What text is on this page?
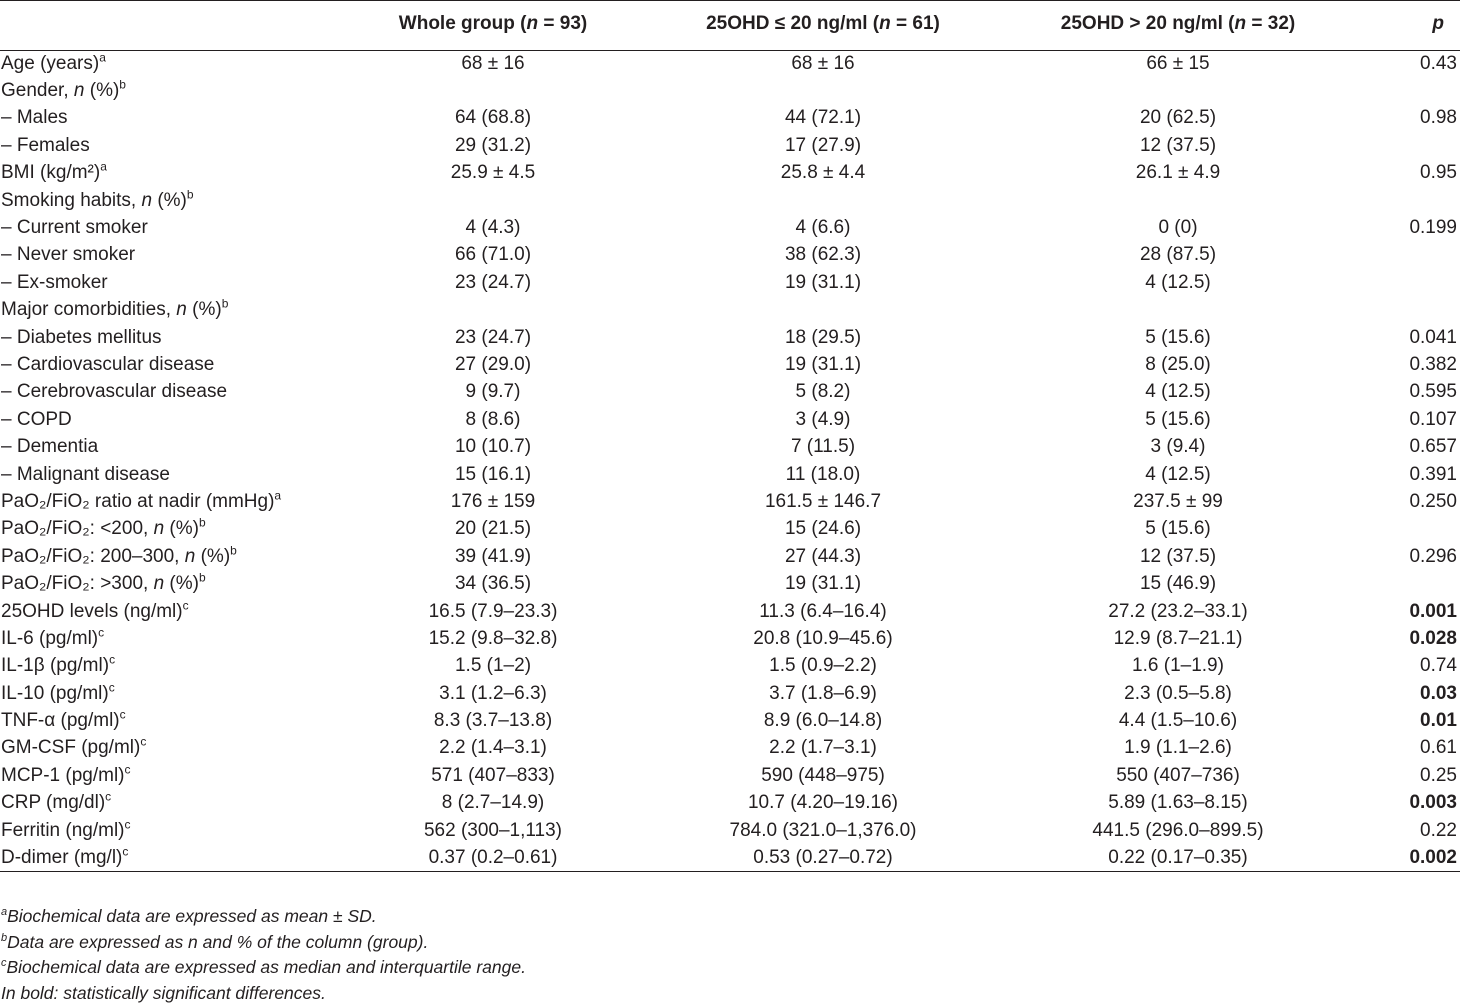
	Whole group (n = 93)	25OHD ≤ 20 ng/ml (n = 61)	25OHD > 20 ng/ml (n = 32)	p
Age (years)$^a$	68 ± 16	68 ± 16	66 ± 15	0.43
Gender, n (%)$^b$				
– Males	64 (68.8)	44 (72.1)	20 (62.5)	0.98
– Females	29 (31.2)	17 (27.9)	12 (37.5)	
BMI $(kg/m^2)^a$	25.9 ± 4.5	25.8 ± 4.4	26.1 ± 4.9	0.95
Smoking habits, n (%)$^b$				
– Current smoker	4 (4.3)	4 (6.6)	0 (0)	0.199
– Never smoker	66 (71.0)	38 (62.3)	28 (87.5)	
– Ex-smoker	23 (24.7)	19 (31.1)	4 (12.5)	
Major comorbidities, n (%)$^b$				
– Diabetes mellitus	23 (24.7)	18 (29.5)	5 (15.6)	0.041
– Cardiovascular disease	27 (29.0)	19 (31.1)	8 (25.0)	0.382
– Cerebrovascular disease	9 (9.7)	5 (8.2)	4 (12.5)	0.595
– COPD	8 (8.6)	3 (4.9)	5 (15.6)	0.107
– Dementia	10 (10.7)	7 (11.5)	3 (9.4)	0.657
– Malignant disease	15 (16.1)	11 (18.0)	4 (12.5)	0.391
PaO₂/FiO₂ ratio at nadir (mmHg)$^a$	176 ± 159	161.5 ± 146.7	237.5 ± 99	0.250
PaO₂/FiO₂: <200, n (%)$^b$	20 (21.5)	15 (24.6)	5 (15.6)	
PaO₂/FiO₂: 200–300, n (%)$^b$	39 (41.9)	27 (44.3)	12 (37.5)	0.296
PaO₂/FiO₂: >300, n (%)$^b$	34 (36.5)	19 (31.1)	15 (46.9)	
25OHD levels $(ng/ml)^c$	16.5 (7.9–23.3)	11.3 (6.4–16.4)	27.2 (23.2–33.1)	0.001
IL-6 $(pg/ml)^c$	15.2 (9.8–32.8)	20.8 (10.9–45.6)	12.9 (8.7–21.1)	0.028
IL-1β $(pg/ml)^c$	1.5 (1–2)	1.5 (0.9–2.2)	1.6 (1–1.9)	0.74
IL-10 $(pg/ml)^c$	3.1 (1.2–6.3)	3.7 (1.8–6.9)	2.3 (0.5–5.8)	0.03
TNF-α $(pg/ml)^c$	8.3 (3.7–13.8)	8.9 (6.0–14.8)	4.4 (1.5–10.6)	0.01
GM-CSF $(pg/ml)^c$	2.2 (1.4–3.1)	2.2 (1.7–3.1)	1.9 (1.1–2.6)	0.61
MCP-1 $(pg/ml)^c$	571 (407–833)	590 (448–975)	550 (407–736)	0.25
CRP $(mg/dl)^c$	8 (2.7–14.9)	10.7 (4.20–19.16)	5.89 (1.63–8.15)	0.003
Ferritin $(ng/ml)^c$	562 (300–1,113)	784.0 (321.0–1,376.0)	441.5 (296.0–899.5)	0.22
D-dimer $(mg/l)^c$	0.37 (0.2–0.61)	0.53 (0.27–0.72)	0.22 (0.17–0.35)	0.002
$^a$Biochemical data are expressed as mean ± SD.
$^b$Data are expressed as n and % of the column (group).
$^c$Biochemical data are expressed as median and interquartile range.
In bold: statistically significant differences.
